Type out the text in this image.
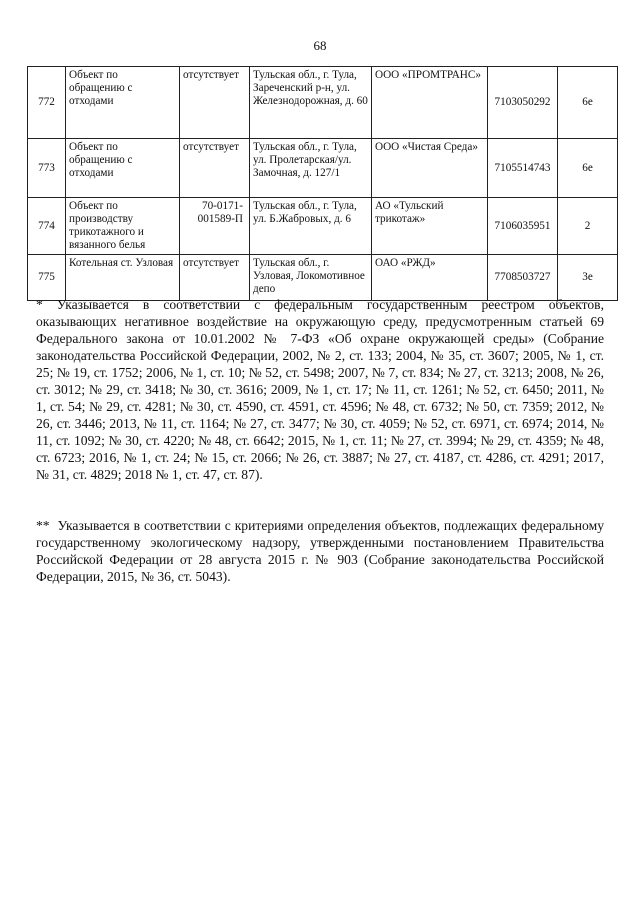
68
772	Объект по обращению с отходами	отсутствует	Тульская обл., г. Тула, Зареченский р-н, ул. Железнодорожная, д. 60	ООО «ПРОМТРАНС»	7103050292	6е
773	Объект по обращению с отходами	отсутствует	Тульская обл., г. Тула, ул. Пролетарская/ул. Замочная, д. 127/1	ООО «Чистая Среда»	7105514743	6е
774	Объект по производству трикотажного и вязанного белья	70-0171-001589-П	Тульская обл., г. Тула, ул. Б.Жабровых, д. 6	АО «Тульский трикотаж»	7106035951	2
775	Котельная ст. Узловая	отсутствует	Тульская обл., г. Узловая, Локомотивное депо	ОАО «РЖД»	7708503727	3е
* Указывается в соответствии с федеральным государственным реестром объектов, оказывающих негативное воздействие на окружающую среду, предусмотренным статьей 69 Федерального закона от 10.01.2002 № 7-ФЗ «Об охране окружающей среды» (Собрание законодательства Российской Федерации, 2002, № 2, ст. 133; 2004, № 35, ст. 3607; 2005, № 1, ст. 25; № 19, ст. 1752; 2006, № 1, ст. 10; № 52, ст. 5498; 2007, № 7, ст. 834; № 27, ст. 3213; 2008, № 26, ст. 3012; № 29, ст. 3418; № 30, ст. 3616; 2009, № 1, ст. 17; № 11, ст. 1261; № 52, ст. 6450; 2011, № 1, ст. 54; № 29, ст. 4281; № 30, ст. 4590, ст. 4591, ст. 4596; № 48, ст. 6732; № 50, ст. 7359; 2012, № 26, ст. 3446; 2013, № 11, ст. 1164; № 27, ст. 3477; № 30, ст. 4059; № 52, ст. 6971, ст. 6974; 2014, № 11, ст. 1092; № 30, ст. 4220; № 48, ст. 6642; 2015, № 1, ст. 11; № 27, ст. 3994; № 29, ст. 4359; № 48, ст. 6723; 2016, № 1, ст. 24; № 15, ст. 2066; № 26, ст. 3887; № 27, ст. 4187, ст. 4286, ст. 4291; 2017, № 31, ст. 4829; 2018 № 1, ст. 47, ст. 87).
** Указывается в соответствии с критериями определения объектов, подлежащих федеральному государственному экологическому надзору, утвержденными постановлением Правительства Российской Федерации от 28 августа 2015 г. № 903 (Собрание законодательства Российской Федерации, 2015, № 36, ст. 5043).
